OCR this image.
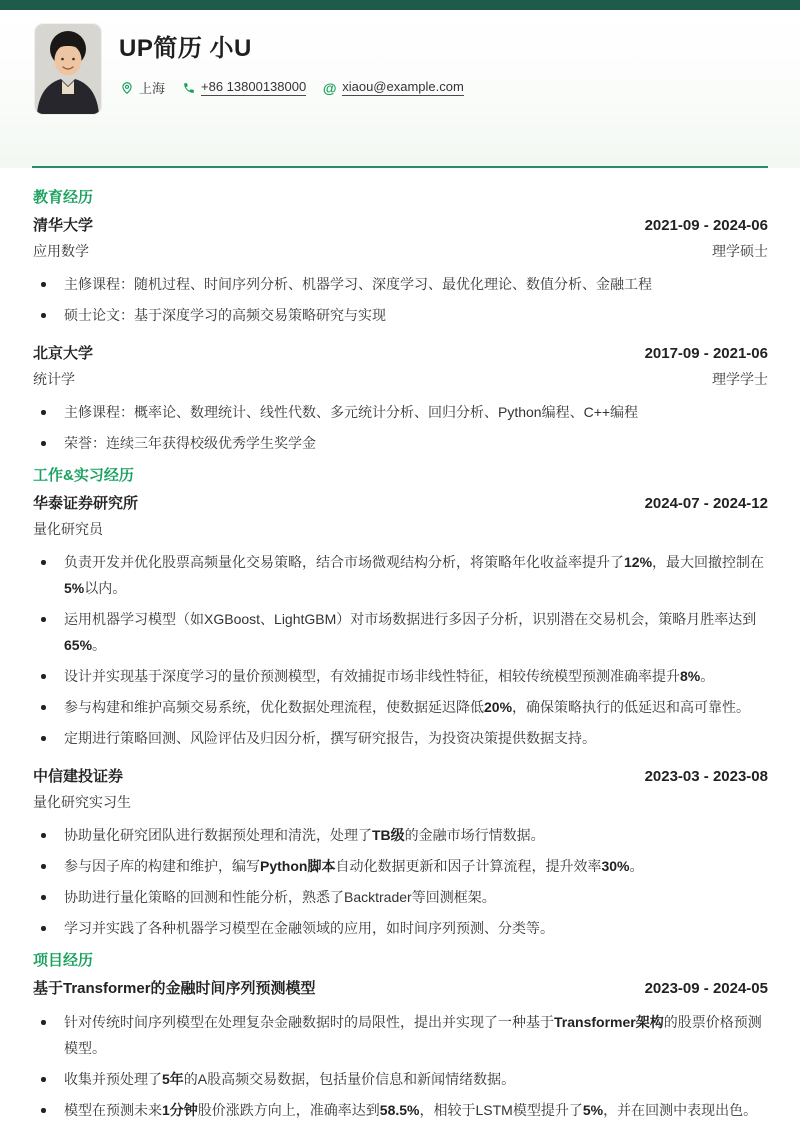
UP简历 小U
上海	+86 13800138000 @ xiaou@example.com
教育经历
清华大学	2021-09 - 2024-06
应用数学	理学硕士
主修课程：随机过程、时间序列分析、机器学习、深度学习、最优化理论、数值分析、金融工程
硕士论文：基于深度学习的高频交易策略研究与实现
北京大学	2017-09 - 2021-06
统计学	理学学士
主修课程：概率论、数理统计、线性代数、多元统计分析、回归分析、Python编程、C++编程
荣誉：连续三年获得校级优秀学生奖学金
工作&实习经历
华泰证券研究所	2024-07 - 2024-12
量化研究员
负责开发并优化股票高频量化交易策略，结合市场微观结构分析，将策略年化收益率提升了12%，最大回撤控制在5%以内。
运用机器学习模型（如XGBoost、LightGBM）对市场数据进行多因子分析，识别潜在交易机会，策略月胜率达到65%。
设计并实现基于深度学习的量价预测模型，有效捕捉市场非线性特征，相较传统模型预测准确率提升8%。
参与构建和维护高频交易系统，优化数据处理流程，使数据延迟降低20%，确保策略执行的低延迟和高可靠性。
定期进行策略回测、风险评估及归因分析，撰写研究报告，为投资决策提供数据支持。
中信建投证券	2023-03 - 2023-08
量化研究实习生
协助量化研究团队进行数据预处理和清洗，处理了TB级的金融市场行情数据。
参与因子库的构建和维护，编写Python脚本自动化数据更新和因子计算流程，提升效率30%。
协助进行量化策略的回测和性能分析，熟悉了Backtrader等回测框架。
学习并实践了各种机器学习模型在金融领域的应用，如时间序列预测、分类等。
项目经历
基于Transformer的金融时间序列预测模型	2023-09 - 2024-05
针对传统时间序列模型在处理复杂金融数据时的局限性，提出并实现了一种基于Transformer架构的股票价格预测模型。
收集并预处理了5年的A股高频交易数据，包括量价信息和新闻情绪数据。
模型在预测未来1分钟股价涨跌方向上，准确率达到58.5%，相较于LSTM模型提升了5%，并在回测中表现出色。
